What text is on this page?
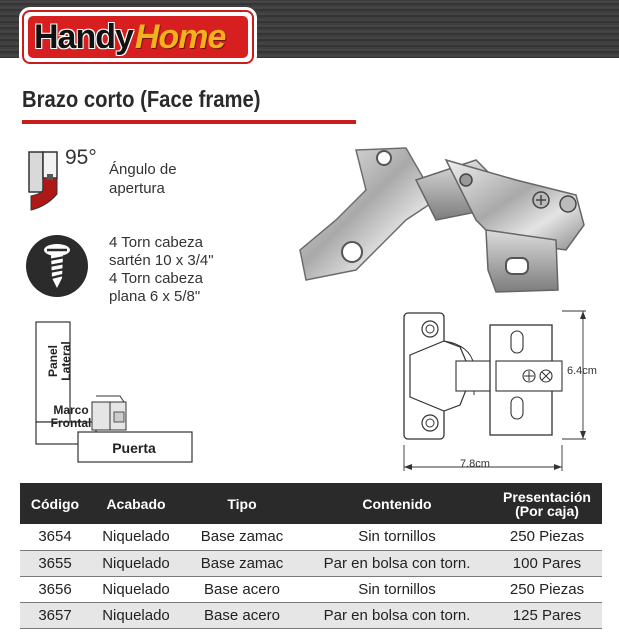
Handy Home
Brazo corto (Face frame)
95°
Ángulo de
apertura
4 Torn cabeza
sartén 10 x 3/4"
4 Torn cabeza
plana 6 x 5/8"
Panel Lateral
Marco
Frontal
Puerta
6.4cm
7.8cm
Código	Acabado	Tipo	Contenido	Presentación
(Por caja)

3654	Niquelado	Base zamac	Sin tornillos	250 Piezas
3655	Niquelado	Base zamac	Par en bolsa con torn.	100 Pares
3656	Niquelado	Base acero	Sin tornillos	250 Piezas
3657	Niquelado	Base acero	Par en bolsa con torn.	125 Pares
